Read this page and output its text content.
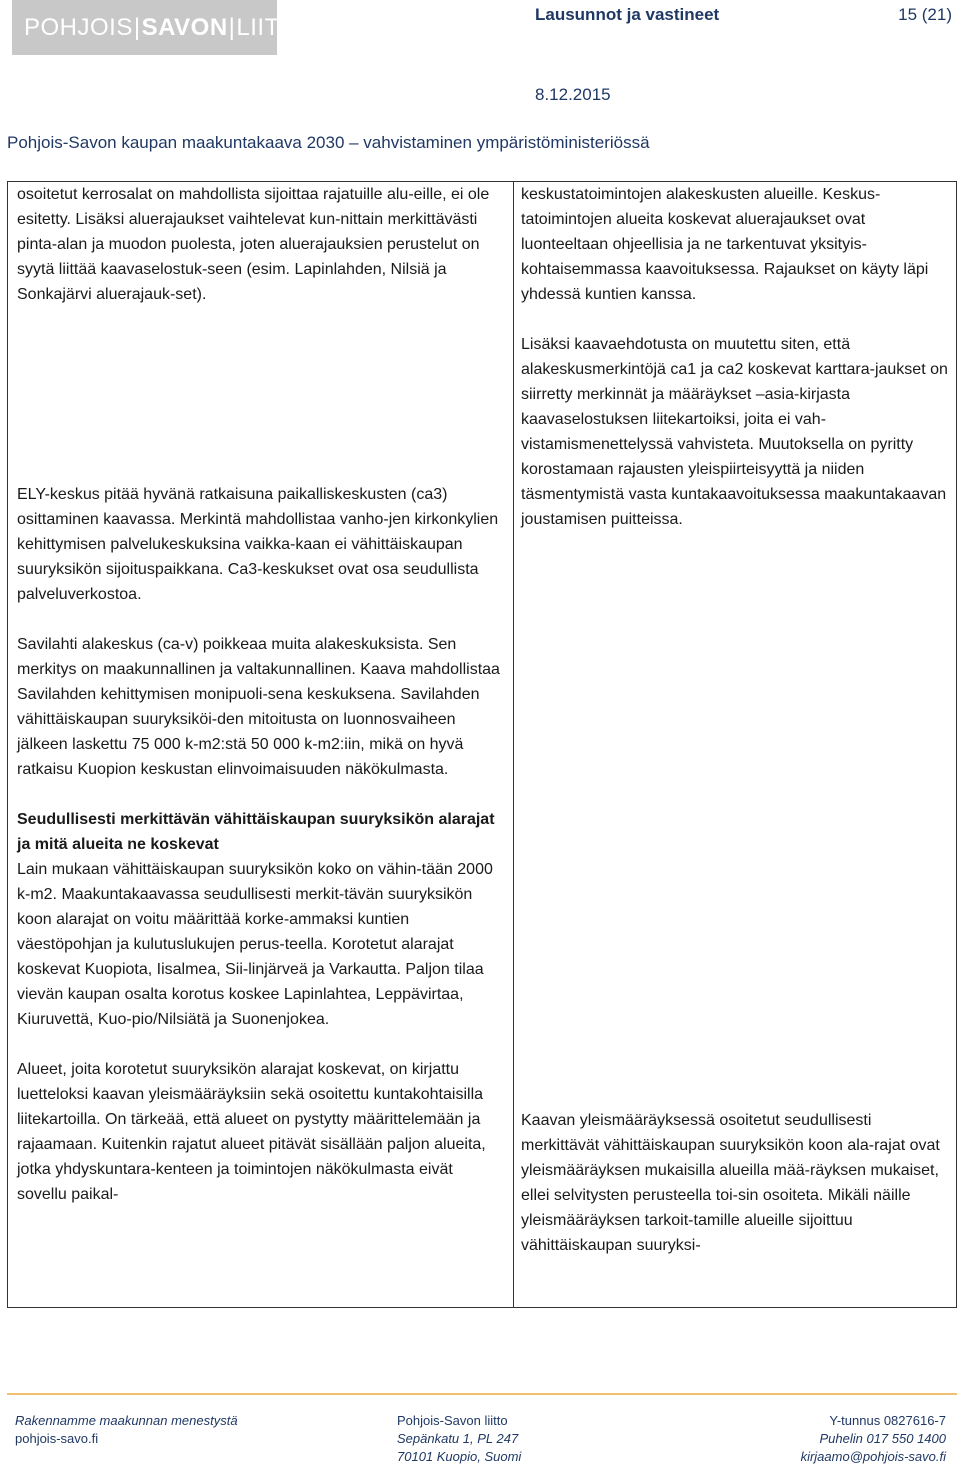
POHJOIS | SAVON | LIITTO	Lausunnot ja vastineet	15 (21)
8.12.2015
Pohjois-Savon kaupan maakuntakaava 2030 – vahvistaminen ympäristöministeriössä

osoitetut kerrosalat on mahdollista sijoittaa rajatuille alu-eille, ei ole esitetty. Lisäksi aluerajaukset vaihtelevat kun-nittain merkittävästi pinta-alan ja muodon puolesta, joten aluerajauksien perustelut on syytä liittää kaavaselostuk-seen (esim. Lapinlahden, Nilsiä ja Sonkajärvi aluerajauk-set).

ELY-keskus pitää hyvänä ratkaisuna paikalliskeskusten (ca3) osittaminen kaavassa. Merkintä mahdollistaa vanho-jen kirkonkylien kehittymisen palvelukeskuksina vaikka-kaan ei vähittäiskaupan suuryksikön sijoituspaikkana. Ca3-keskukset ovat osa seudullista palveluverkostoa.

Savilahti alakeskus (ca-v) poikkeaa muita alakeskuksista. Sen merkitys on maakunnallinen ja valtakunnallinen. Kaava mahdollistaa Savilahden kehittymisen monipuoli-sena keskuksena. Savilahden vähittäiskaupan suuryksiköi-den mitoitusta on luonnosvaiheen jälkeen laskettu 75 000 k-m2:stä 50 000 k-m2:iin, mikä on hyvä ratkaisu Kuopion keskustan elinvoimaisuuden näkökulmasta.

Seudullisesti merkittävän vähittäiskaupan suuryksikön alarajat ja mitä alueita ne koskevat

Lain mukaan vähittäiskaupan suuryksikön koko on vähin-tään 2000 k-m2. Maakuntakaavassa seudullisesti merkit-tävän suuryksikön koon alarajat on voitu määrittää korke-ammaksi kuntien väestöpohjan ja kulutuslukujen perus-teella. Korotetut alarajat koskevat Kuopiota, Iisalmea, Sii-linjärveä ja Varkautta. Paljon tilaa vievän kaupan osalta korotus koskee Lapinlahtea, Leppävirtaa, Kiuruvettä, Kuo-pio/Nilsiätä ja Suonenjokea.

Alueet, joita korotetut suuryksikön alarajat koskevat, on kirjattu luetteloksi kaavan yleismääräyksiin sekä osoitettu kuntakohtaisilla liitekartoilla. On tärkeää, että alueet on pystytty määrittelemään ja rajaamaan. Kuitenkin rajatut alueet pitävät sisällään paljon alueita, jotka yhdyskuntara-kenteen ja toimintojen näkökulmasta eivät sovellu paikal-

keskustatoimintojen alakeskusten alueille. Keskus-tatoimintojen alueita koskevat aluerajaukset ovat luonteeltaan ohjeellisia ja ne tarkentuvat yksityis-kohtaisemmassa kaavoituksessa. Rajaukset on käyty läpi yhdessä kuntien kanssa.

Lisäksi kaavaehdotusta on muutettu siten, että alakeskusmerkintöjä ca1 ja ca2 koskevat karttara-jaukset on siirretty merkinnät ja määräykset –asia-kirjasta kaavaselostuksen liitekartoiksi, joita ei vah-vistamismenettelyssä vahvisteta. Muutoksella on pyritty korostamaan rajausten yleispiirteisyyttä ja niiden täsmentymistä vasta kuntakaavoituksessa maakuntakaavan joustamisen puitteissa.

Kaavan yleismääräyksessä osoitetut seudullisesti merkittävät vähittäiskaupan suuryksikön koon ala-rajat ovat yleismääräyksen mukaisilla alueilla mää-räyksen mukaiset, ellei selvitysten perusteella toi-sin osoiteta. Mikäli näille yleismääräyksen tarkoit-tamille alueille sijoittuu vähittäiskaupan suuryksi-

Rakennamme maakunnan menestystä
pohjois-savo.fi
Pohjois-Savon liitto
Sepänkatu 1, PL 247
70101 Kuopio, Suomi
Y-tunnus 0827616-7
Puhelin 017 550 1400
kirjaamo@pohjois-savo.fi
